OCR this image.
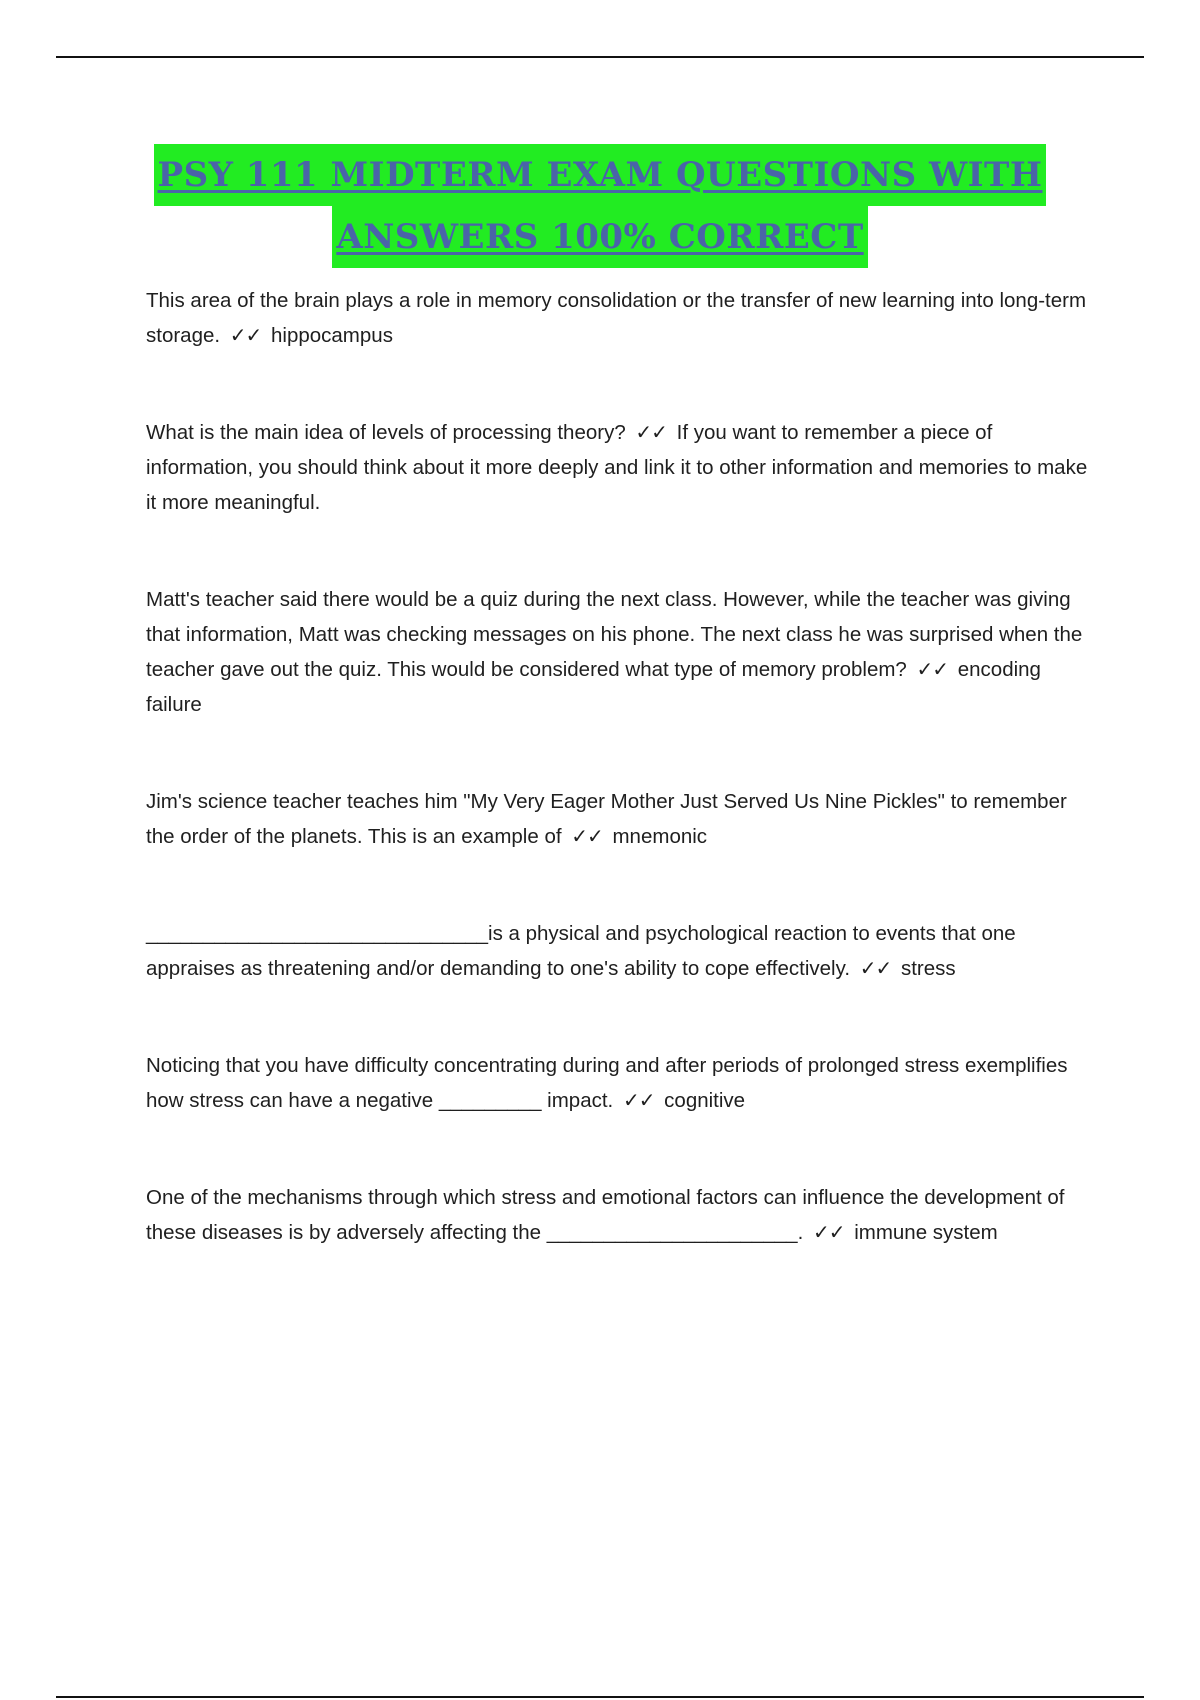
PSY 111 MIDTERM EXAM QUESTIONS WITH
ANSWERS 100% CORRECT

This area of the brain plays a role in memory consolidation or the transfer of new learning into long-term storage. ✓✓ hippocampus

What is the main idea of levels of processing theory? ✓✓ If you want to remember a piece of information, you should think about it more deeply and link it to other information and memories to make it more meaningful.

Matt's teacher said there would be a quiz during the next class. However, while the teacher was giving that information, Matt was checking messages on his phone. The next class he was surprised when the teacher gave out the quiz. This would be considered what type of memory problem? ✓✓ encoding failure

Jim's science teacher teaches him "My Very Eager Mother Just Served Us Nine Pickles" to remember the order of the planets. This is an example of ✓✓ mnemonic

______________________________is a physical and psychological reaction to events that one appraises as threatening and/or demanding to one's ability to cope effectively. ✓✓ stress

Noticing that you have difficulty concentrating during and after periods of prolonged stress exemplifies how stress can have a negative _________ impact. ✓✓ cognitive

One of the mechanisms through which stress and emotional factors can influence the development of these diseases is by adversely affecting the ______________________. ✓✓ immune system
